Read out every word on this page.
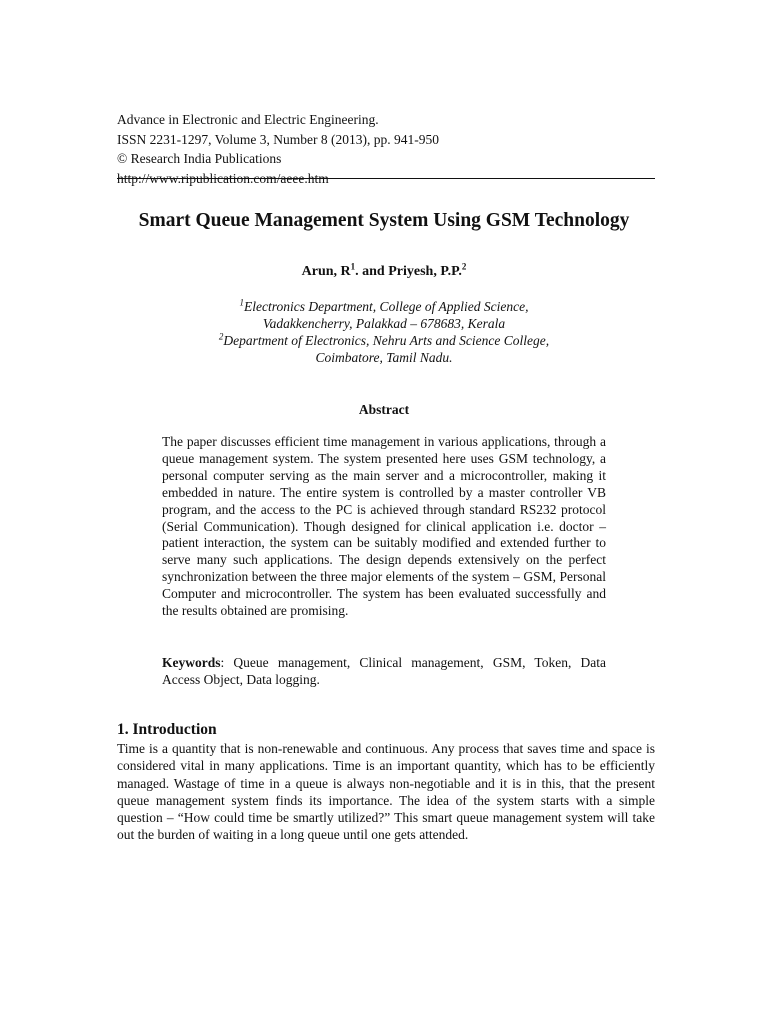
Advance in Electronic and Electric Engineering.
ISSN 2231-1297, Volume 3, Number 8 (2013), pp. 941-950
© Research India Publications
http://www.ripublication.com/aeee.htm
Smart Queue Management System Using GSM Technology
Arun, $R^1$. and Priyesh, P.P.$^2$
$^1$Electronics Department, College of Applied Science,
Vadakkencherry, Palakkad – 678683, Kerala
$^2$Department of Electronics, Nehru Arts and Science College,
Coimbatore, Tamil Nadu.
Abstract
The paper discusses efficient time management in various applications, through a queue management system. The system presented here uses GSM technology, a personal computer serving as the main server and a microcontroller, making it embedded in nature. The entire system is controlled by a master controller VB program, and the access to the PC is achieved through standard RS232 protocol (Serial Communication). Though designed for clinical application i.e. doctor –patient interaction, the system can be suitably modified and extended further to serve many such applications. The design depends extensively on the perfect synchronization between the three major elements of the system – GSM, Personal Computer and microcontroller. The system has been evaluated successfully and the results obtained are promising.
Keywords: Queue management, Clinical management, GSM, Token, Data Access Object, Data logging.
1. Introduction
Time is a quantity that is non-renewable and continuous. Any process that saves time and space is considered vital in many applications. Time is an important quantity, which has to be efficiently managed. Wastage of time in a queue is always non-negotiable and it is in this, that the present queue management system finds its importance. The idea of the system starts with a simple question – “How could time be smartly utilized?” This smart queue management system will take out the burden of waiting in a long queue until one gets attended.
